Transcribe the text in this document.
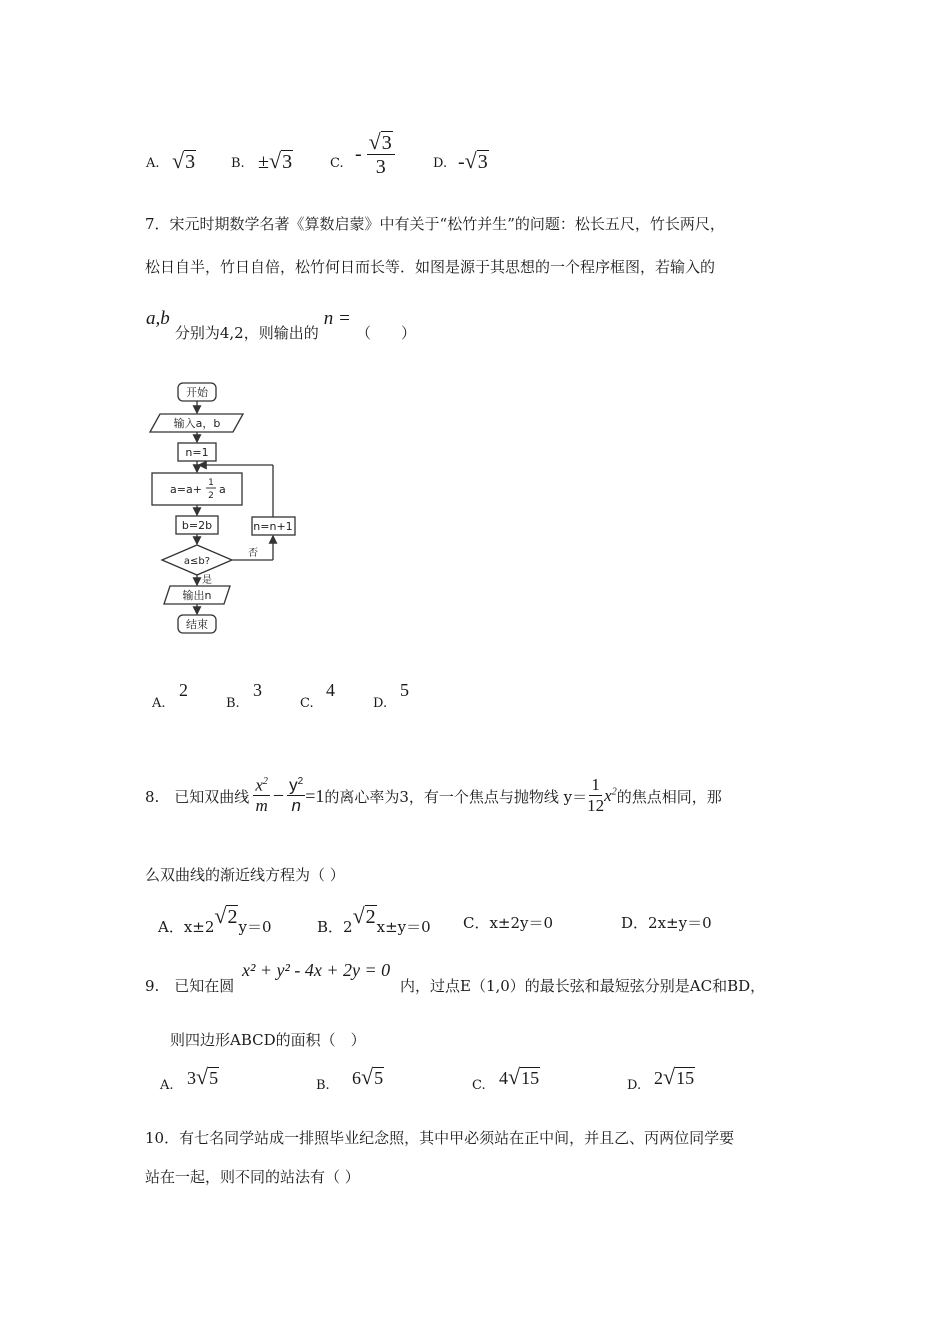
A. √3	B. ±√3	C. - $\frac{√3}{3}$	D. -√3
7．宋元时期数学名著《算数启蒙》中有关于“松竹并生”的问题：松长五尺，竹长两尺，
松日自半，竹日自倍，松竹何日而长等．如图是源于其思想的一个程序框图，若输入的
a,b 分别为4,2，则输出的 n = （　　）
开始
输入a，b
n=1
a=a+ 1
2 a
b=2b
a≤b?
否
是
n=n+1
输出n
结束
A.
2
B.
3
C.
4
D.
5
8.　已知双曲线 $\frac{x^2}{m} - \frac{y^2}{n} =1$ 的离心率为3，有一个焦点与抛物线 $y= \frac{1}{12} x^2$ 的焦点相同，那
么双曲线的渐近线方程为（ ）
A．x±2√2y＝0	B．2√2x±y＝0 C．x±2y＝0	D．2x±y＝0
9.　已知在圆
x² + y² - 4x + 2y = 0
内，过点E（1,0）的最长弦和最短弦分别是AC和BD，
则四边形ABCD的面积（　）
A. 3√5	B. 6√5	C. 4√15	D. 2√15
10．有七名同学站成一排照毕业纪念照，其中甲必须站在正中间，并且乙、丙两位同学要
站在一起，则不同的站法有（ ）
